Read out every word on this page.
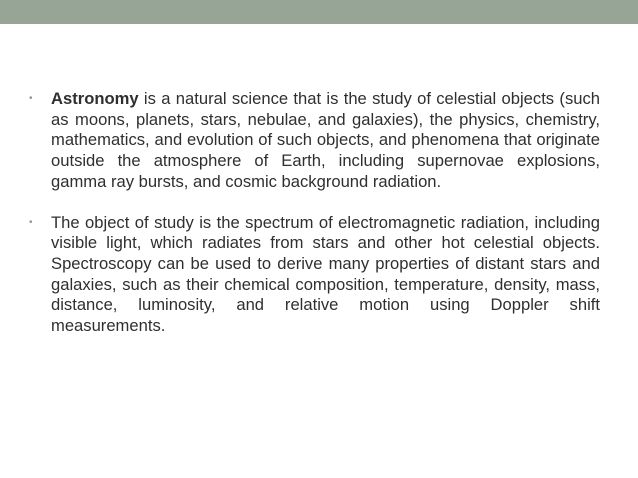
• Astronomy is a natural science that is the study of celestial objects (such as moons, planets, stars, nebulae, and galaxies), the physics, chemistry, mathematics, and evolution of such objects, and phenomena that originate outside the atmosphere of Earth, including supernovae explosions, gamma ray bursts, and cosmic background radiation.

• The object of study is the spectrum of electromagnetic radiation, including visible light, which radiates from stars and other hot celestial objects. Spectroscopy can be used to derive many properties of distant stars and galaxies, such as their chemical composition, temperature, density, mass, distance, luminosity, and relative motion using Doppler shift measurements.
